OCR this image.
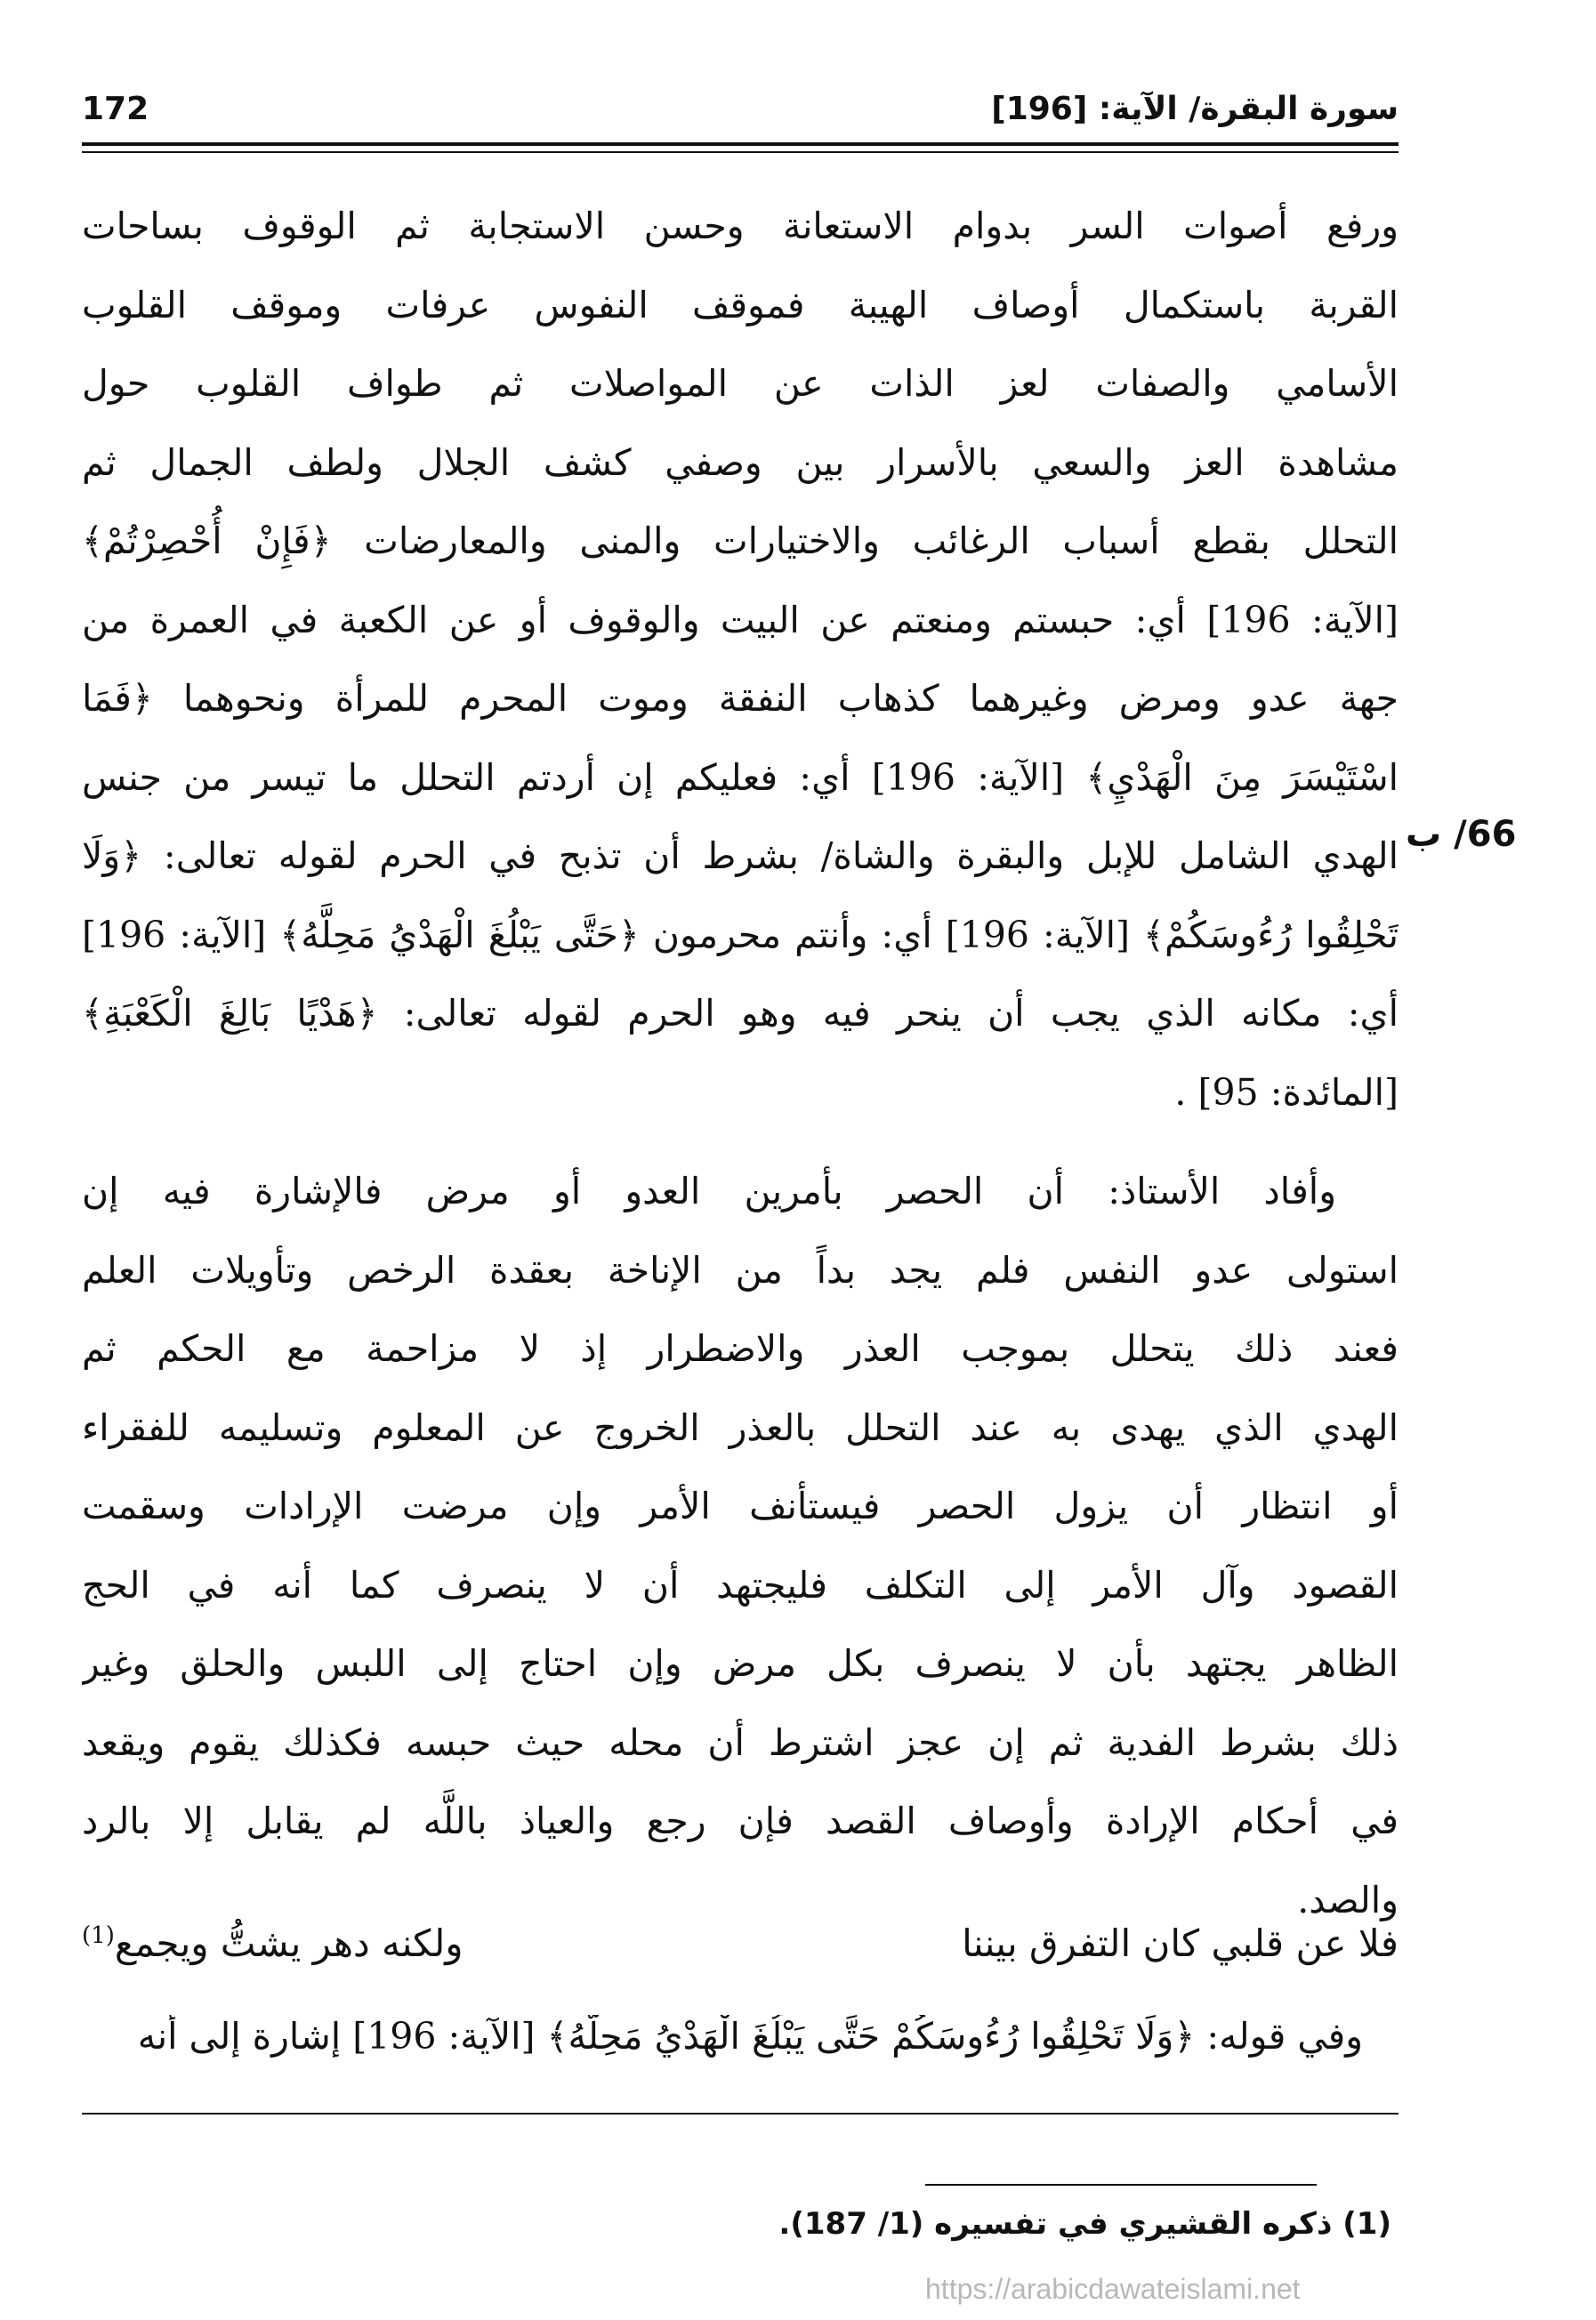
سورة البقرة/ الآية: [196]
172
ورفع أصوات السر بدوام الاستعانة وحسن الاستجابة ثم الوقوف بساحات
القربة باستكمال أوصاف الهيبة فموقف النفوس عرفات وموقف القلوب
الأسامي والصفات لعز الذات عن المواصلات ثم طواف القلوب حول
مشاهدة العز والسعي بالأسرار بين وصفي كشف الجلال ولطف الجمال ثم
التحلل بقطع أسباب الرغائب والاختيارات والمنى والمعارضات ﴿فَإِنْ أُحْصِرْتُمْ﴾
[الآية: 196] أي: حبستم ومنعتم عن البيت والوقوف أو عن الكعبة في العمرة من
جهة عدو ومرض وغيرهما كذهاب النفقة وموت المحرم للمرأة ونحوهما ﴿فَمَا
اسْتَيْسَرَ مِنَ الْهَدْيِ﴾ [الآية: 196] أي: فعليكم إن أردتم التحلل ما تيسر من جنس
الهدي الشامل للإبل والبقرة والشاة/ بشرط أن تذبح في الحرم لقوله تعالى: ﴿وَلَا
تَحْلِقُوا رُءُوسَكُمْ﴾ [الآية: 196] أي: وأنتم محرمون ﴿حَتَّى يَبْلُغَ الْهَدْيُ مَحِلَّهُ﴾ [الآية: 196]
أي: مكانه الذي يجب أن ينحر فيه وهو الحرم لقوله تعالى: ﴿هَدْيًا بَالِغَ الْكَعْبَةِ﴾
[المائدة: 95] .
66/ ب
وأفاد الأستاذ: أن الحصر بأمرين العدو أو مرض فالإشارة فيه إن
استولى عدو النفس فلم يجد بداً من الإناخة بعقدة الرخص وتأويلات العلم
فعند ذلك يتحلل بموجب العذر والاضطرار إذ لا مزاحمة مع الحكم ثم
الهدي الذي يهدى به عند التحلل بالعذر الخروج عن المعلوم وتسليمه للفقراء
أو انتظار أن يزول الحصر فيستأنف الأمر وإن مرضت الإرادات وسقمت
القصود وآل الأمر إلى التكلف فليجتهد أن لا ينصرف كما أنه في الحج
الظاهر يجتهد بأن لا ينصرف بكل مرض وإن احتاج إلى اللبس والحلق وغير
ذلك بشرط الفدية ثم إن عجز اشترط أن محله حيث حبسه فكذلك يقوم ويقعد
في أحكام الإرادة وأوصاف القصد فإن رجع والعياذ باللَّه لم يقابل إلا بالرد
والصد.
فلا عن قلبي كان التفرق بيننا
ولكنه دهر يشتُّ ويجمع$^{(1)}$
وفي قوله: ﴿وَلَا تَحْلِقُوا رُءُوسَكُمْ حَتَّى يَبْلُغَ الْهَدْيُ مَحِلَّهُ﴾ [الآية: 196] إشارة إلى أنه
(1) ذكره القشيري في تفسيره (1/ 187).
https://arabicdawateislami.net
